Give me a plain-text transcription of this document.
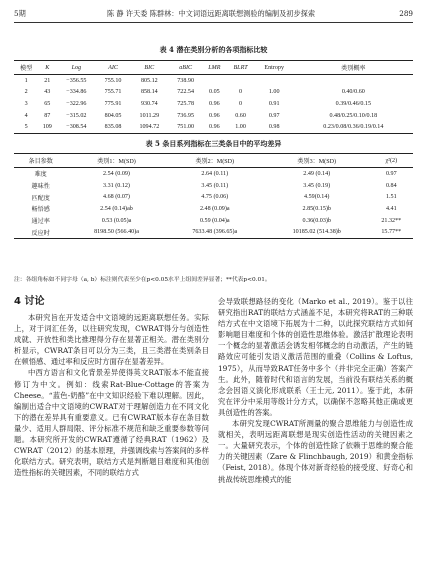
5期	陈 静 许天委 陈群林：中文词语远距离联想测验的编制及初步探索	289
表 4 潜在类别分析的各项指标比较
模型	K	Log	AIC	BIC	aBIC	LMR	BLRT	Entropy	类别概率
1	21	−356.55	755.10	805.12	738.90				
2	43	−334.86	755.71	858.14	722.54	0.05	0	1.00	0.40/0.60
3	65	−322.96	775.91	930.74	725.78	0.96	0	0.91	0.39/0.46/0.15
4	87	−315.02	804.05	1011.29	736.95	0.96	0.60	0.97	0.48/0.25/0.10/0.18
5	109	−308.54	835.08	1094.72	751.00	0.96	1.00	0.98	0.23/0.08/0.36/0.19/0.14
表 5 条目系列指标在三类条目中的平均差异
条目参数	类别1：M(SD)	类别2：M(SD)	类别3：M(SD)	χ²(2)
难度	2.54 (0.09)	2.64 (0.11)	2.49 (0.14)	0.97
趣味性	3.31 (0.12)	3.45 (0.11)	3.45 (0.19)	0.84
匹配度	4.68 (0.07)	4.75 (0.06)	4.59(0.14)	1.51
畅悟感	2.54 (0.14)ab	2.48 (0.09)a	2.85(0.15)b	4.41
通过率	0.53 (0.05)a	0.59 (0.04)a	0.36(0.03)b	21.32**
反应时	8198.50 (566.40)a	7633.48 (396.65)a	10185.02 (514.38)b	15.77**
注：各组角标如不同字母（a, b）标注则代表至少在p<0.05水平上组间差异显著；**代表p<0.01。
4 讨论

本研究旨在开发适合中文语境的远距离联想任务。实际上，对于词汇任务，以往研究发现，CWRAT得分与创造性成就、开放性和类比推理得分存在显著正相关。潜在类别分析显示，CWRAT条目可以分为三类，且三类潜在类别条目在顿悟感、通过率和反应时方面存在显著差异。

中西方语言和文化背景差异使得英文RAT版本不能直接修订为中文。例如：线索Rat-Blue-Cottage的答案为Cheese。“蓝色-奶酪”在中文知识经验下难以理解。因此，编制出适合中文语境的CWRAT对于理解创造力在不同文化下的潜在差异具有重要意义。已有CWRAT版本存在条目数量少、适用人群局限、评分标准不规范和缺乏重要参数等问题。本研究所开发的CWRAT遵循了经典RAT（1962）及CWRAT（2012）的基本原理，并强调线索与答案间的多样化联结方式。研究表明，联结方式是判断题目难度和其他创造性指标的关键因素，不同的联结方式

会导致联想路径的变化（Marko et al., 2019）。鉴于以往研究指出RAT的联结方式涵盖不足，本研究将RAT的三种联结方式在中文语境下拓展为十二种，以此探究联结方式如何影响题目难度和个体的创造性思维体验。激活扩散理论表明一个概念的显著激活会诱发相邻概念的自动激活，产生的链路效应可能引发语义激活范围的重叠（Collins & Loftus, 1975），从而导致RAT任务中多个（并非完全正确）答案产生。此外，随着时代和语言的发展，当前没有联结关系的概念会因语义演化形成联系（王士元, 2011）。鉴于此，本研究在评分中采用等级计分方式，以确保不忽略其他正确或更具创造性的答案。

本研究发现CWRAT所测量的聚合思维能力与创造性成就相关，表明远距离联想是现实创造性活动的关键因素之一。大量研究表示，个体的创造性除了依赖于思维的聚合能力的关键因素（Zare & Flinchbaugh, 2019）和黄金指标（Feist, 2018）。体现个体对新奇经验的接受度、好奇心和挑战传统思维模式的能
